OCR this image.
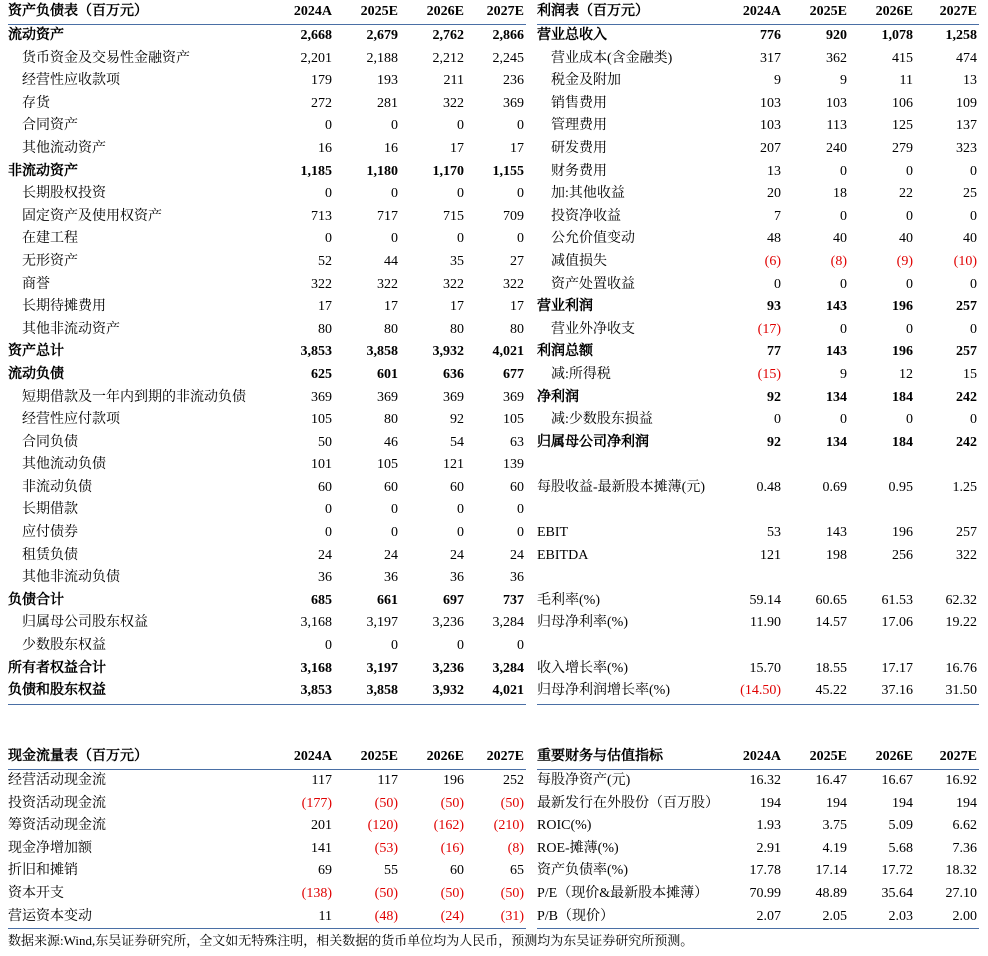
资产负债表（百万元）	2024A	2025E	2026E	2027E
流动资产	2,668	2,679	2,762	2,866
货币资金及交易性金融资产	2,201	2,188	2,212	2,245
经营性应收款项	179	193	211	236
存货	272	281	322	369
合同资产	0	0	0	0
其他流动资产	16	16	17	17
非流动资产	1,185	1,180	1,170	1,155
长期股权投资	0	0	0	0
固定资产及使用权资产	713	717	715	709
在建工程	0	0	0	0
无形资产	52	44	35	27
商誉	322	322	322	322
长期待摊费用	17	17	17	17
其他非流动资产	80	80	80	80
资产总计	3,853	3,858	3,932	4,021
流动负债	625	601	636	677
短期借款及一年内到期的非流动负债	369	369	369	369
经营性应付款项	105	80	92	105
合同负债	50	46	54	63
其他流动负债	101	105	121	139
非流动负债	60	60	60	60
长期借款	0	0	0	0
应付债券	0	0	0	0
租赁负债	24	24	24	24
其他非流动负债	36	36	36	36
负债合计	685	661	697	737
归属母公司股东权益	3,168	3,197	3,236	3,284
少数股东权益	0	0	0	0
所有者权益合计	3,168	3,197	3,236	3,284
负债和股东权益	3,853	3,858	3,932	4,021
利润表（百万元）	2024A	2025E	2026E	2027E
营业总收入	776	920	1,078	1,258
营业成本(含金融类)	317	362	415	474
税金及附加	9	9	11	13
销售费用	103	103	106	109
管理费用	103	113	125	137
研发费用	207	240	279	323
财务费用	13	0	0	0
加:其他收益	20	18	22	25
投资净收益	7	0	0	0
公允价值变动	48	40	40	40
减值损失	(6)	(8)	(9)	(10)
资产处置收益	0	0	0	0
营业利润	93	143	196	257
营业外净收支	(17)	0	0	0
利润总额	77	143	196	257
减:所得税	(15)	9	12	15
净利润	92	134	184	242
减:少数股东损益	0	0	0	0
归属母公司净利润	92	134	184	242

每股收益-最新股本摊薄(元)	0.48	0.69	0.95	1.25

EBIT	53	143	196	257
EBITDA	121	198	256	322

毛利率(%)	59.14	60.65	61.53	62.32
归母净利率(%)	11.90	14.57	17.06	19.22

收入增长率(%)	15.70	18.55	17.17	16.76
归母净利润增长率(%)	(14.50)	45.22	37.16	31.50
现金流量表（百万元）	2024A	2025E	2026E	2027E
经营活动现金流	117	117	196	252
投资活动现金流	(177)	(50)	(50)	(50)
筹资活动现金流	201	(120)	(162)	(210)
现金净增加额	141	(53)	(16)	(8)
折旧和摊销	69	55	60	65
资本开支	(138)	(50)	(50)	(50)
营运资本变动	11	(48)	(24)	(31)
重要财务与估值指标	2024A	2025E	2026E	2027E
每股净资产(元)	16.32	16.47	16.67	16.92
最新发行在外股份（百万股）	194	194	194	194
ROIC(%)	1.93	3.75	5.09	6.62
ROE-摊薄(%)	2.91	4.19	5.68	7.36
资产负债率(%)	17.78	17.14	17.72	18.32
P/E（现价&最新股本摊薄）	70.99	48.89	35.64	27.10
P/B（现价）	2.07	2.05	2.03	2.00
数据来源:Wind,东吴证券研究所，全文如无特殊注明，相关数据的货币单位均为人民币，预测均为东吴证券研究所预测。
